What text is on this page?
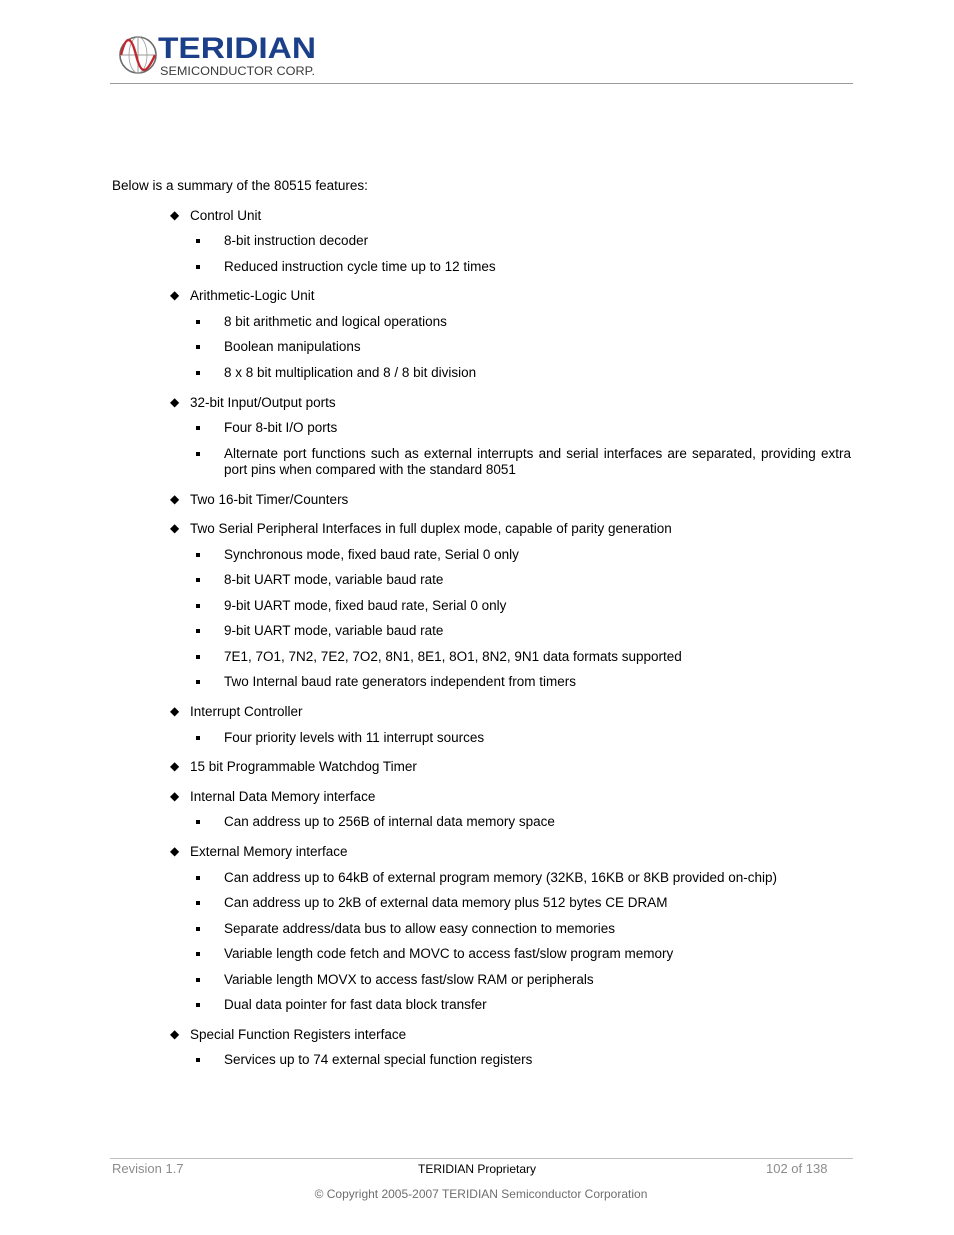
TERIDIAN
SEMICONDUCTOR CORP.
Below is a summary of the 80515 features:
◆ Control Unit
8-bit instruction decoder
Reduced instruction cycle time up to 12 times
◆ Arithmetic-Logic Unit
8 bit arithmetic and logical operations
Boolean manipulations
8 x 8 bit multiplication and 8 / 8 bit division
◆ 32-bit Input/Output ports
Four 8-bit I/O ports
Alternate port functions such as external interrupts and serial interfaces are separated, providing extra port pins when compared with the standard 8051
◆ Two 16-bit Timer/Counters
◆ Two Serial Peripheral Interfaces in full duplex mode, capable of parity generation
Synchronous mode, fixed baud rate, Serial 0 only
8-bit UART mode, variable baud rate
9-bit UART mode, fixed baud rate, Serial 0 only
9-bit UART mode, variable baud rate
7E1, 7O1, 7N2, 7E2, 7O2, 8N1, 8E1, 8O1, 8N2, 9N1 data formats supported
Two Internal baud rate generators independent from timers
◆ Interrupt Controller
Four priority levels with 11 interrupt sources
◆ 15 bit Programmable Watchdog Timer
◆ Internal Data Memory interface
Can address up to 256B of internal data memory space
◆ External Memory interface
Can address up to 64kB of external program memory (32KB, 16KB or 8KB provided on-chip)
Can address up to 2kB of external data memory plus 512 bytes CE DRAM
Separate address/data bus to allow easy connection to memories
Variable length code fetch and MOVC to access fast/slow program memory
Variable length MOVX to access fast/slow RAM or peripherals
Dual data pointer for fast data block transfer
◆ Special Function Registers interface
Services up to 74 external special function registers
Revision 1.7	TERIDIAN Proprietary	102 of 138
© Copyright 2005-2007 TERIDIAN Semiconductor Corporation
